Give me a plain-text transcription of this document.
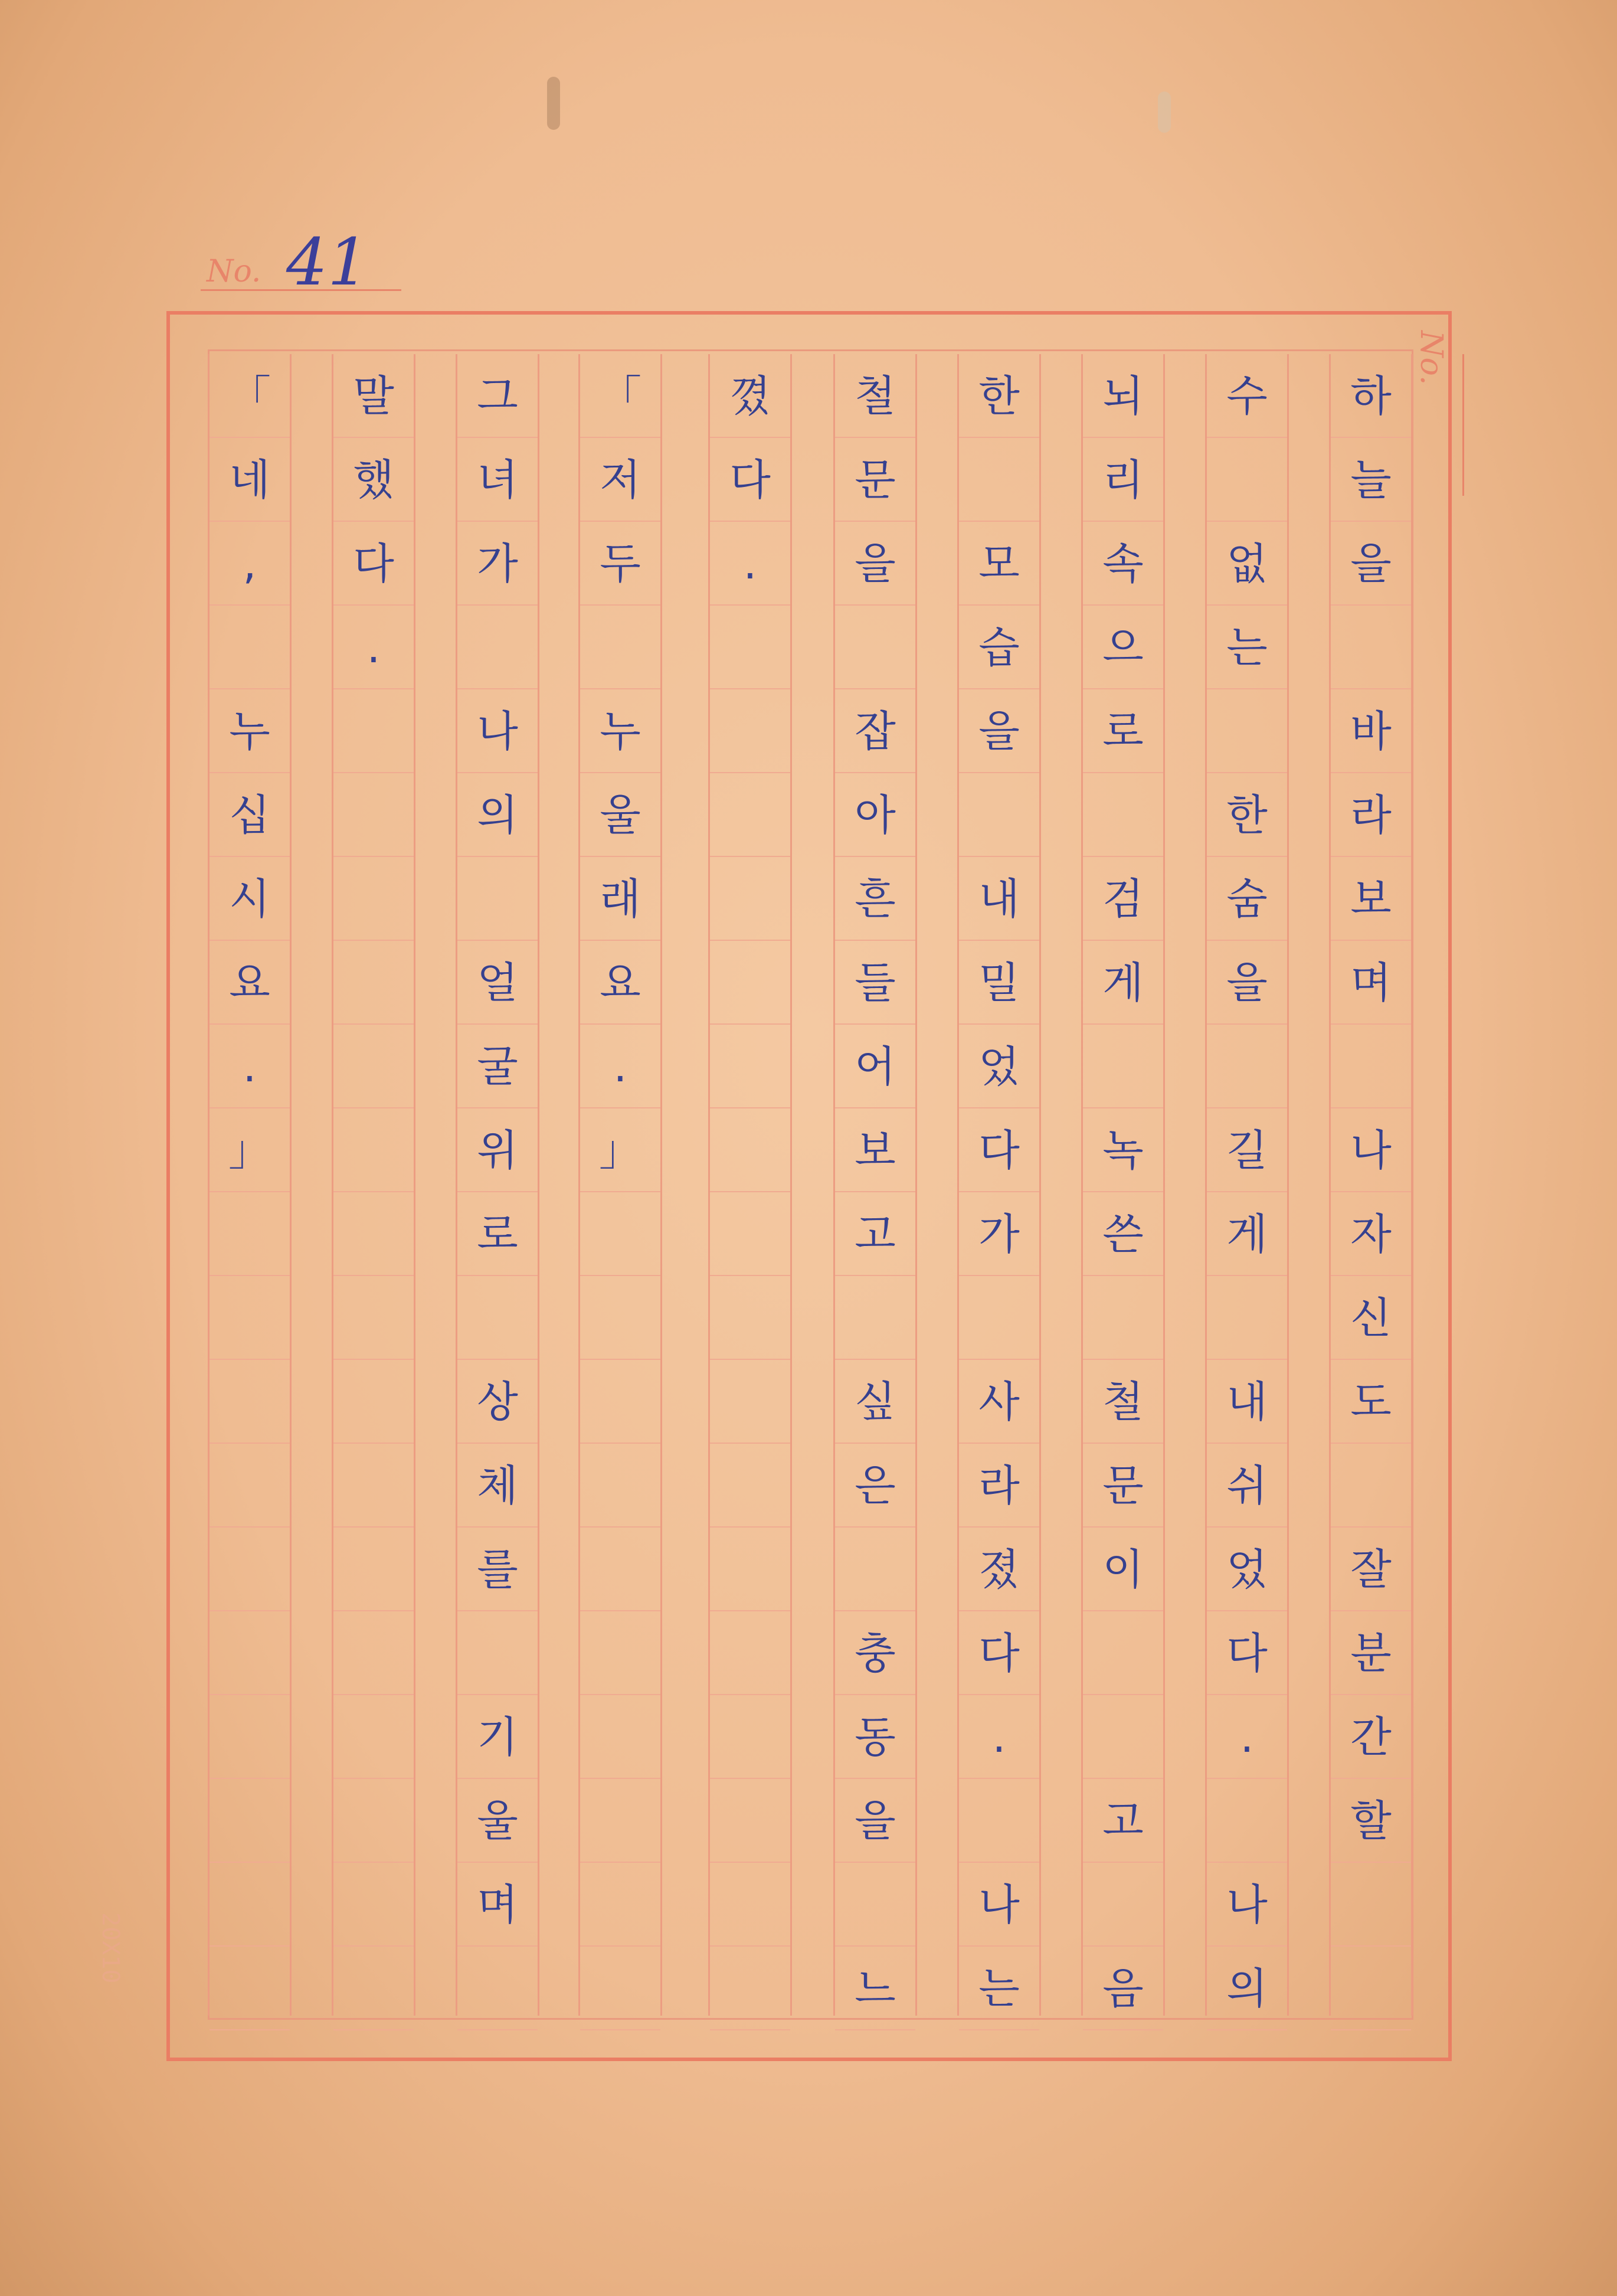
No. 41
No.
20X10
하
늘
을
바
라
보
며
나
자
신
도
잘
분
간
할
수
없
는
한
숨
을
길
게
내
쉬
었
다
.
나
의
뇌
리
속
으
로
검
게
녹
쓴
철
문
이
고
음
한
모
습
을
내
밀
었
다
가
사
라
졌
다
.
나
는
철
문
을
잡
아
흔
들
어
보
고
싶
은
충
동
을
느
꼈
다
.
「
저
두
누
울
래
요
.
」
그
녀
가
나
의
얼
굴
위
로
상
체
를
기
울
며
말
했
다
.
「
네
,
누
십
시
요
.
」
